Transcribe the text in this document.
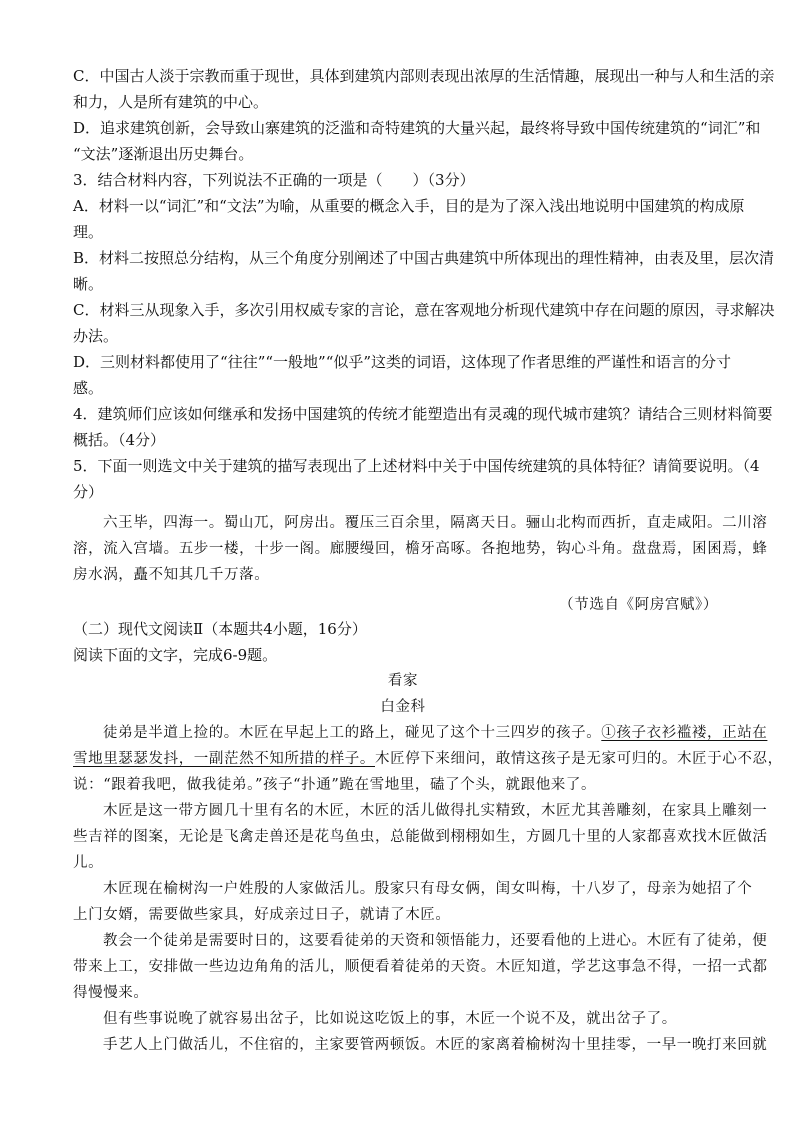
C．中国古人淡于宗教而重于现世，具体到建筑内部则表现出浓厚的生活情趣，展现出一种与人和生活的亲
和力，人是所有建筑的中心。
D．追求建筑创新，会导致山寨建筑的泛滥和奇特建筑的大量兴起，最终将导致中国传统建筑的“词汇”和
“文法”逐渐退出历史舞台。
3．结合材料内容，下列说法不正确的一项是（　　）（3分）
A．材料一以“词汇”和“文法”为喻，从重要的概念入手，目的是为了深入浅出地说明中国建筑的构成原
理。
B．材料二按照总分结构，从三个角度分别阐述了中国古典建筑中所体现出的理性精神，由表及里，层次清
晰。
C．材料三从现象入手，多次引用权威专家的言论，意在客观地分析现代建筑中存在问题的原因，寻求解决
办法。
D．三则材料都使用了“往往”“一般地”“似乎”这类的词语，这体现了作者思维的严谨性和语言的分寸
感。
4．建筑师们应该如何继承和发扬中国建筑的传统才能塑造出有灵魂的现代城市建筑？请结合三则材料简要
概括。（4分）
5．下面一则选文中关于建筑的描写表现出了上述材料中关于中国传统建筑的具体特征？请简要说明。（4
分）
六王毕，四海一。蜀山兀，阿房出。覆压三百余里，隔离天日。骊山北构而西折，直走咸阳。二川溶
溶，流入宫墙。五步一楼，十步一阁。廊腰缦回，檐牙高啄。各抱地势，钩心斗角。盘盘焉，囷囷焉，蜂
房水涡，矗不知其几千万落。
（节选自《阿房宫赋》）
（二）现代文阅读Ⅱ（本题共4小题，16分）
阅读下面的文字，完成6-9题。
看家
白金科
徒弟是半道上捡的。木匠在早起上工的路上，碰见了这个十三四岁的孩子。①孩子衣衫褴褛，正站在
雪地里瑟瑟发抖，一副茫然不知所措的样子。木匠停下来细问，敢情这孩子是无家可归的。木匠于心不忍，
说：“跟着我吧，做我徒弟。”孩子“扑通”跪在雪地里，磕了个头，就跟他来了。
木匠是这一带方圆几十里有名的木匠，木匠的活儿做得扎实精致，木匠尤其善雕刻，在家具上雕刻一
些吉祥的图案，无论是飞禽走兽还是花鸟鱼虫，总能做到栩栩如生，方圆几十里的人家都喜欢找木匠做活
儿。
木匠现在榆树沟一户姓殷的人家做活儿。殷家只有母女俩，闺女叫梅，十八岁了，母亲为她招了个
上门女婿，需要做些家具，好成亲过日子，就请了木匠。
教会一个徒弟是需要时日的，这要看徒弟的天资和领悟能力，还要看他的上进心。木匠有了徒弟，便
带来上工，安排做一些边边角角的活儿，顺便看着徒弟的天资。木匠知道，学艺这事急不得，一招一式都
得慢慢来。
但有些事说晚了就容易出岔子，比如说这吃饭上的事，木匠一个说不及，就出岔子了。
手艺人上门做活儿，不住宿的，主家要管两顿饭。木匠的家离着榆树沟十里挂零，一早一晚打来回就
